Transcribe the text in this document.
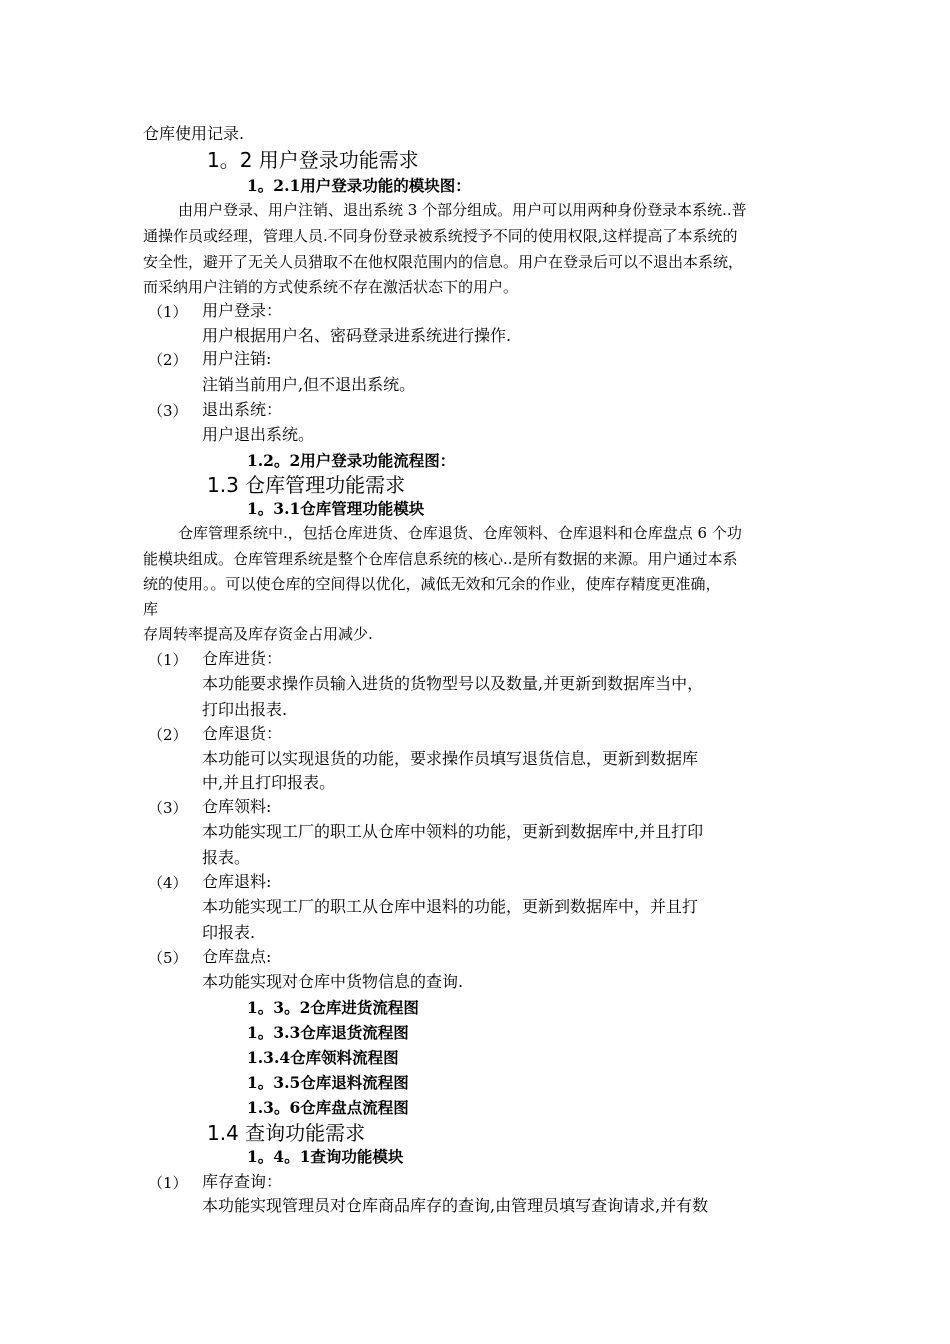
仓库使用记录.
1。2 用户登录功能需求
1。2.1用户登录功能的模块图：
由用户登录、用户注销、退出系统 3 个部分组成。用户可以用两种身份登录本系统..普
通操作员或经理，管理人员.不同身份登录被系统授予不同的使用权限,这样提高了本系统的
安全性，避开了无关人员猎取不在他权限范围内的信息。用户在登录后可以不退出本系统，
而采纳用户注销的方式使系统不存在激活状态下的用户。
（1） 用户登录：
用户根据用户名、密码登录进系统进行操作.
（2） 用户注销:
注销当前用户,但不退出系统。
（3） 退出系统：
用户退出系统。
1.2。2用户登录功能流程图：
1.3 仓库管理功能需求
1。3.1仓库管理功能模块
仓库管理系统中.，包括仓库进货、仓库退货、仓库领料、仓库退料和仓库盘点 6 个功
能模块组成。仓库管理系统是整个仓库信息系统的核心..是所有数据的来源。用户通过本系
统的使用。。可以使仓库的空间得以优化，减低无效和冗余的作业，使库存精度更准确，
库
存周转率提高及库存资金占用减少.
（1） 仓库进货：
本功能要求操作员输入进货的货物型号以及数量,并更新到数据库当中，
打印出报表.
（2） 仓库退货：
本功能可以实现退货的功能，要求操作员填写退货信息，更新到数据库
中,并且打印报表。
（3） 仓库领料:
本功能实现工厂的职工从仓库中领料的功能，更新到数据库中,并且打印
报表。
（4） 仓库退料:
本功能实现工厂的职工从仓库中退料的功能，更新到数据库中，并且打
印报表.
（5） 仓库盘点:
本功能实现对仓库中货物信息的查询.
1。3。2仓库进货流程图
1。3.3仓库退货流程图
1.3.4仓库领料流程图
1。3.5仓库退料流程图
1.3。6仓库盘点流程图
1.4 查询功能需求
1。4。1查询功能模块
（1） 库存查询：
本功能实现管理员对仓库商品库存的查询,由管理员填写查询请求,并有数
